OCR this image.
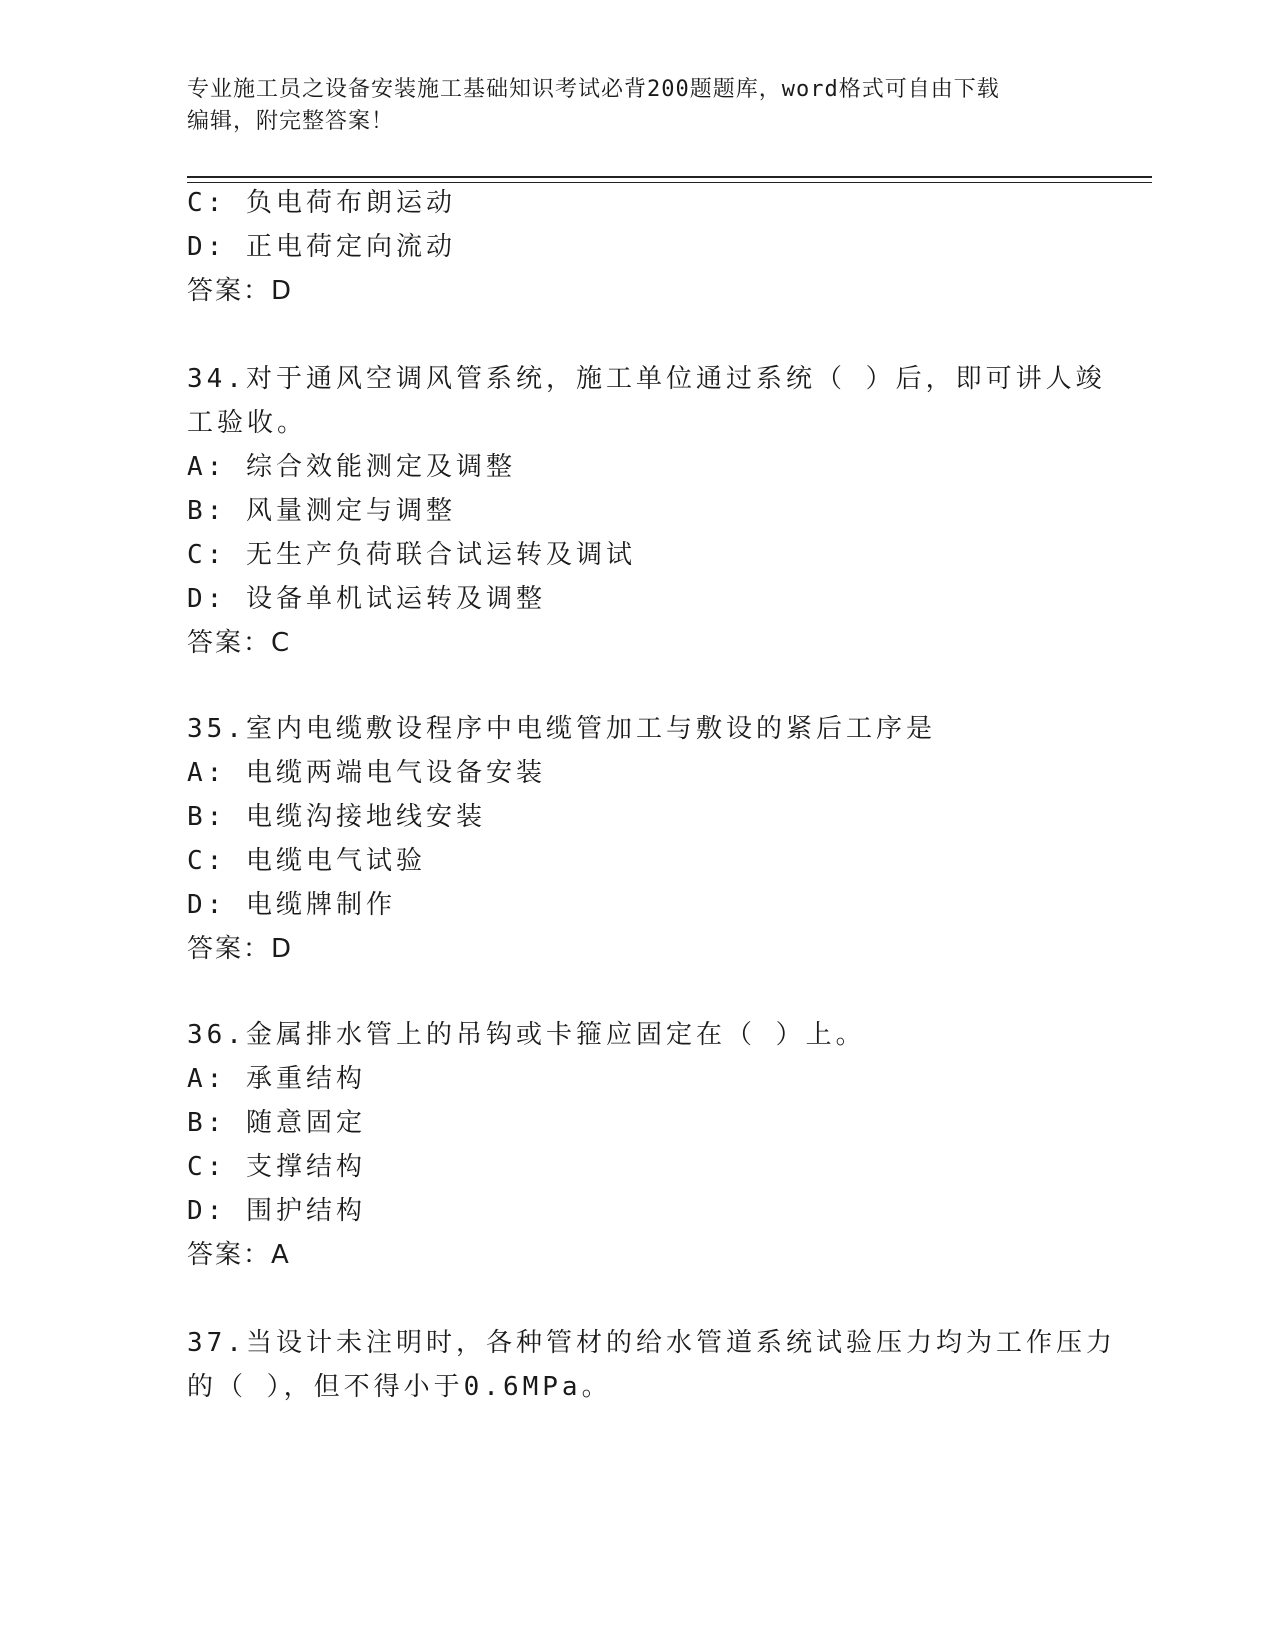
专业施工员之设备安装施工基础知识考试必背200题题库，word格式可自由下载
编辑，附完整答案！
C: 负电荷布朗运动
D: 正电荷定向流动
答案：D
34.对于通风空调风管系统，施工单位通过系统（ ）后，即可讲人竣
工验收。
A: 综合效能测定及调整
B: 风量测定与调整
C: 无生产负荷联合试运转及调试
D: 设备单机试运转及调整
答案：C
35.室内电缆敷设程序中电缆管加工与敷设的紧后工序是
A: 电缆两端电气设备安装
B: 电缆沟接地线安装
C: 电缆电气试验
D: 电缆牌制作
答案：D
36.金属排水管上的吊钩或卡箍应固定在（ ）上。
A: 承重结构
B: 随意固定
C: 支撑结构
D: 围护结构
答案：A
37.当设计未注明时，各种管材的给水管道系统试验压力均为工作压力
的（ ），但不得小于0.6MPa。
